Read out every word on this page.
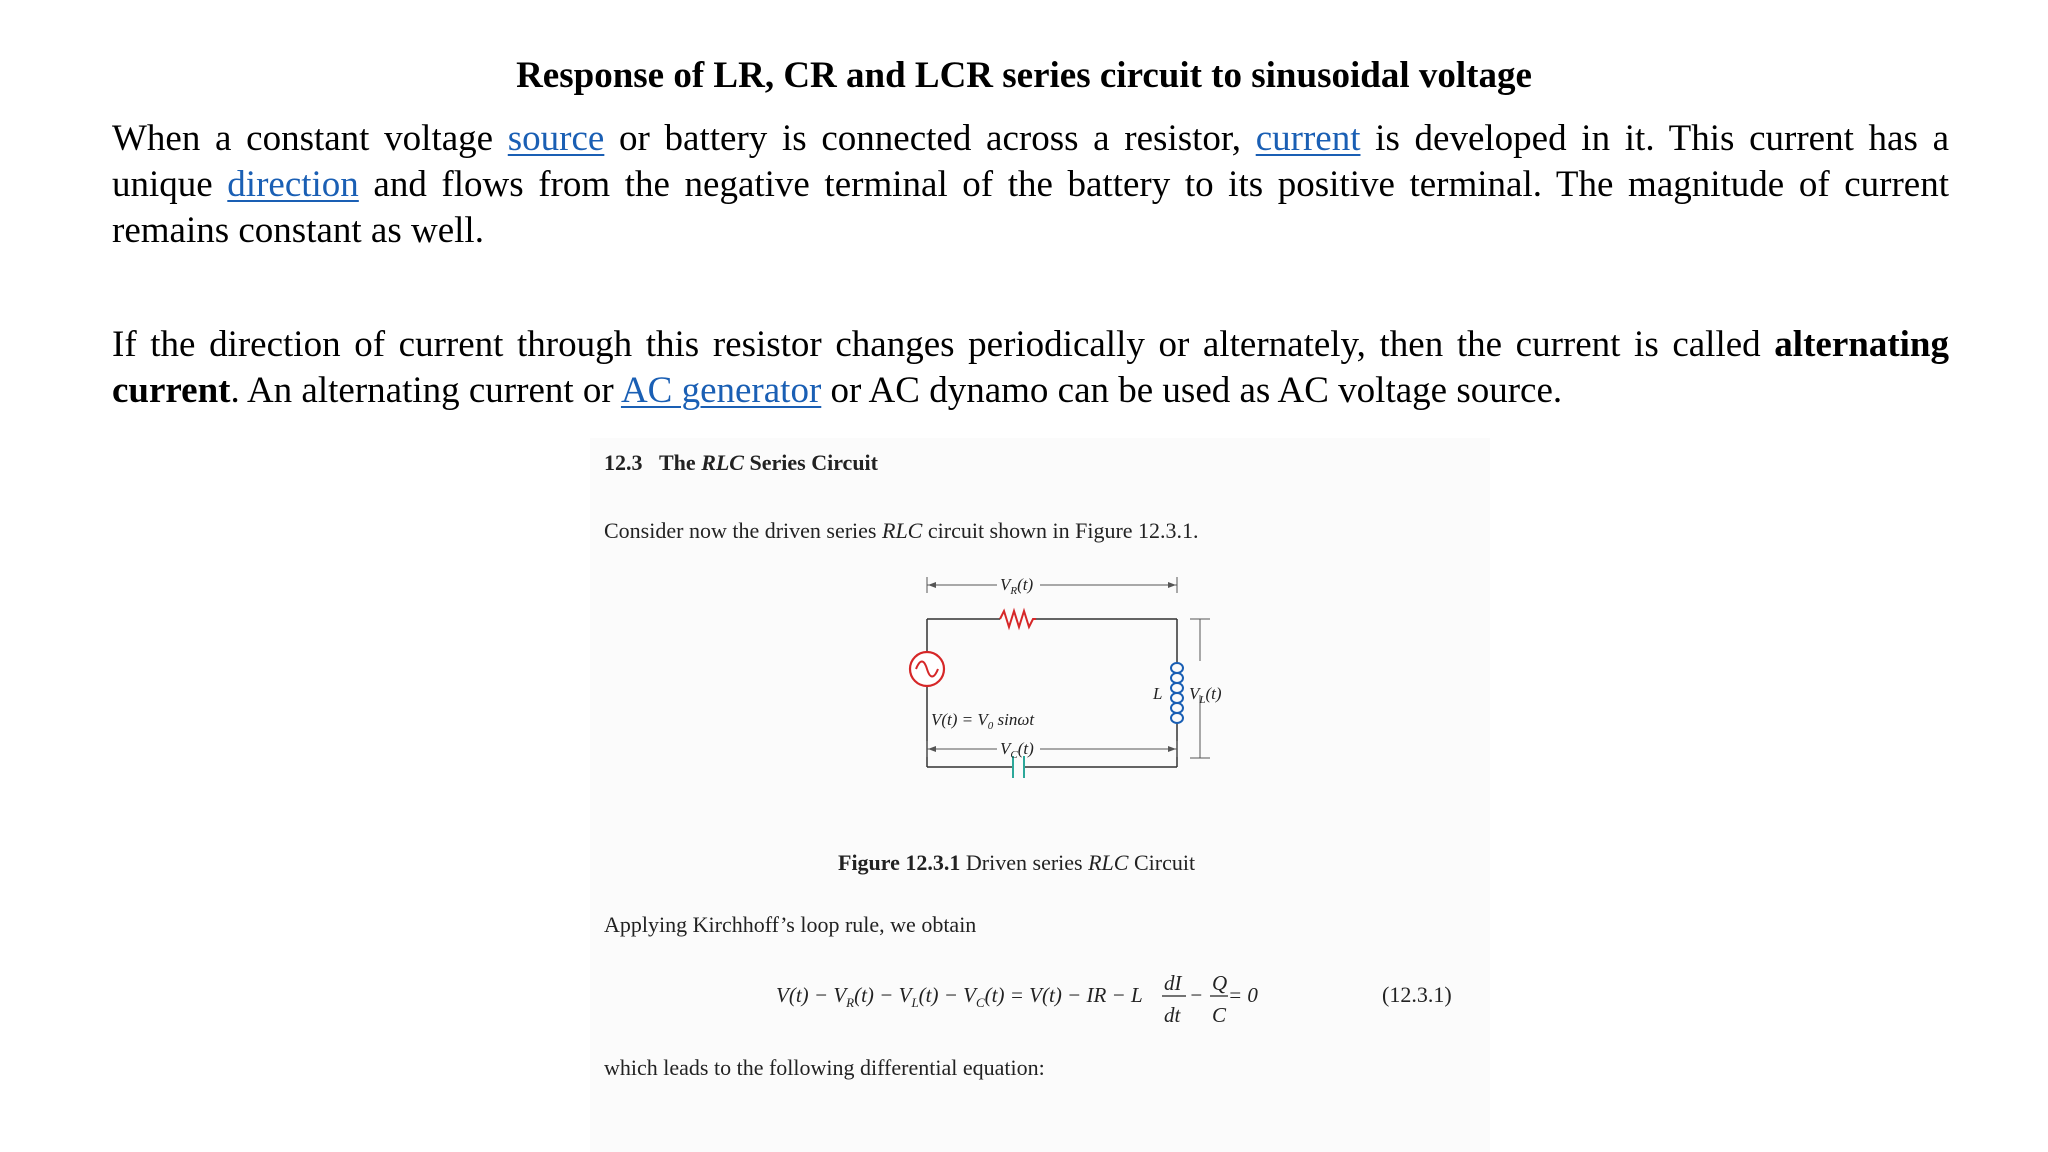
Response of LR, CR and LCR series circuit to sinusoidal voltage
When a constant voltage source or battery is connected across a resistor, current is developed in it. This current has a unique direction and flows from the negative terminal of the battery to its positive terminal. The magnitude of current remains constant as well.
If the direction of current through this resistor changes periodically or alternately, then the current is called alternating current. An alternating current or AC generator or AC dynamo can be used as AC voltage source.
12.3 The RLC Series Circuit
Consider now the driven series RLC circuit shown in Figure 12.3.1.
$V_R(t)$
$V_C(t)$
L $V_L(t)$
$V(t) = V_0$ sinωt
Figure 12.3.1 Driven series RLC Circuit
Applying Kirchhoff’s loop rule, we obtain
$V(t) - V_R(t) - V_L(t) - V_C(t) = V(t)$ − IR − L dI
dt
− Q
C
= 0	(12.3.1)
which leads to the following differential equation:
